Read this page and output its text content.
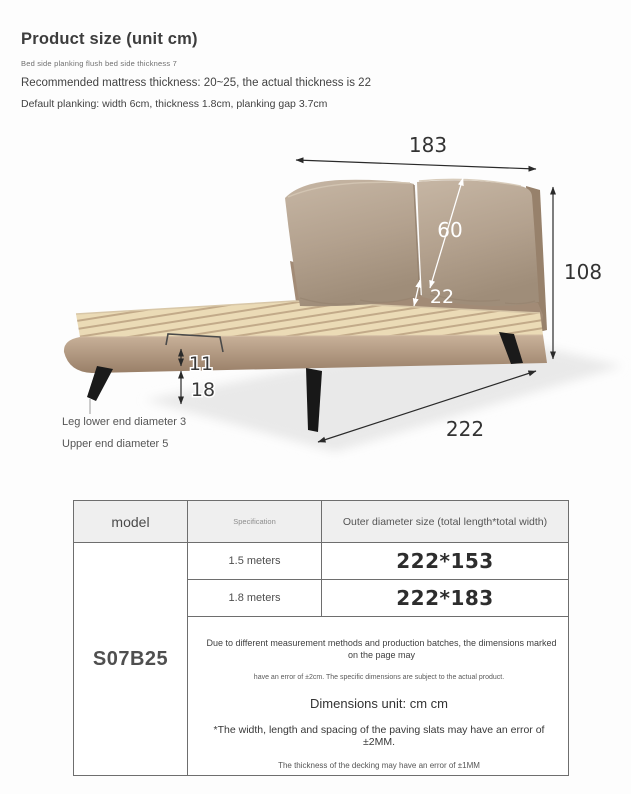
Product size (unit cm)
Bed side planking flush bed side thickness 7
Recommended mattress thickness: 20~25, the actual thickness is 22
Default planking: width 6cm, thickness 1.8cm, planking gap 3.7cm
183
108
60
22
11
18
222
Leg lower end diameter 3
Upper end diameter 5
model	Specification	Outer diameter size (total length*total width)
S07B25	1.5 meters	222*153
	1.8 meters	222*183

	Due to different measurement methods and production batches, the dimensions marked on the page may
have an error of ±2cm. The specific dimensions are subject to the actual product.
Dimensions unit: cm cm
*The width, length and spacing of the paving slats may have an error of ±2MM.
The thickness of the decking may have an error of ±1MM	
